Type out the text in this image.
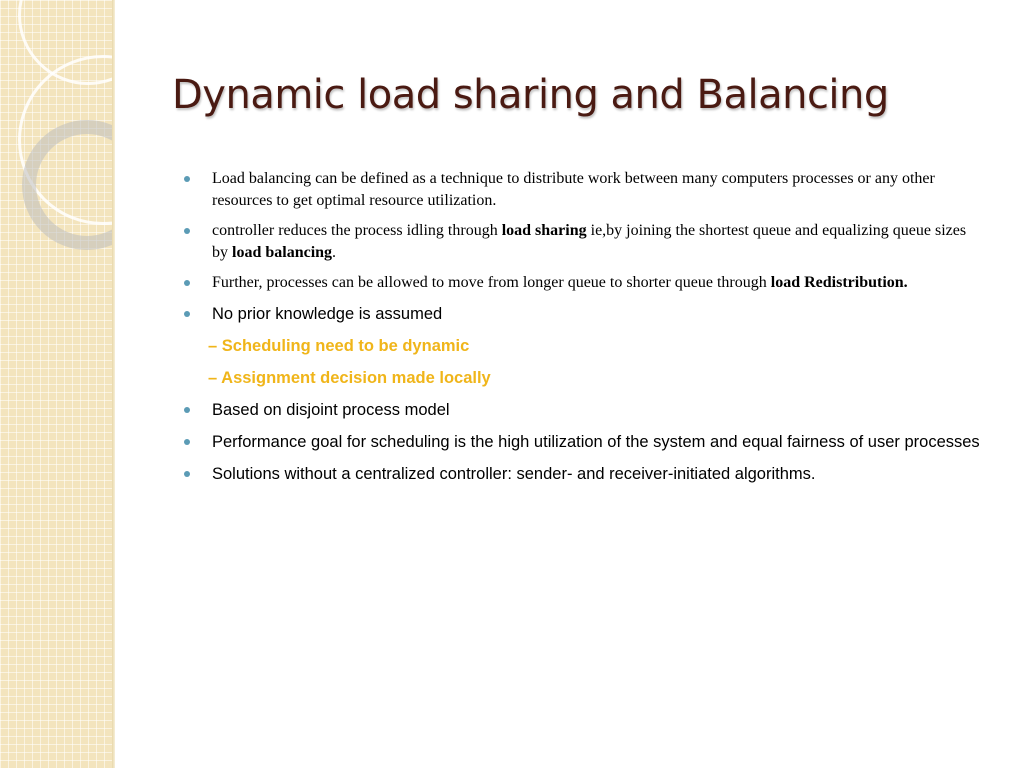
Dynamic load sharing and Balancing
Load balancing can be defined as a technique to distribute work between many computers processes or any other resources to get optimal resource utilization.
controller reduces the process idling through load sharing ie,by joining the shortest queue and equalizing queue sizes by load balancing.
Further, processes can be allowed to move from longer queue to shorter queue through load Redistribution.
No prior knowledge is assumed
– Scheduling need to be dynamic
– Assignment decision made locally
Based on disjoint process model
Performance goal for scheduling is the high utilization of the system and equal fairness of user processes
Solutions without a centralized controller: sender- and receiver-initiated algorithms.
